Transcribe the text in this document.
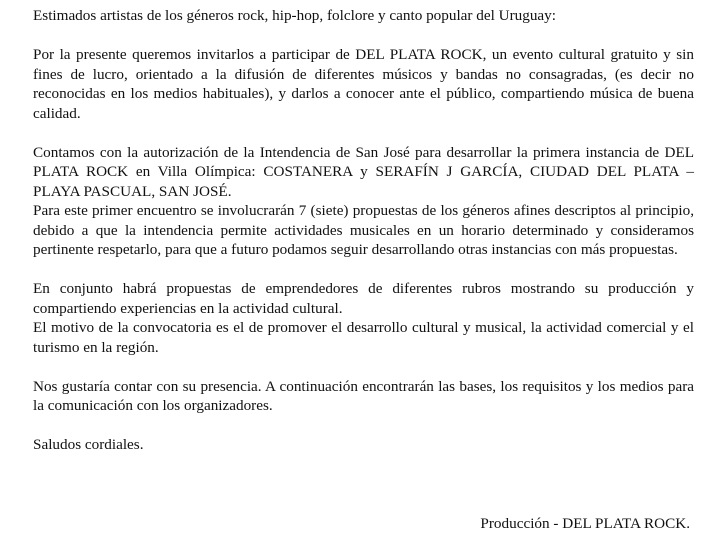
Estimados artistas de los géneros rock, hip-hop, folclore y canto popular del Uruguay:

Por la presente queremos invitarlos a participar de DEL PLATA ROCK, un evento cultural gratuito y sin fines de lucro, orientado a la difusión de diferentes músicos y bandas no consagradas, (es decir no reconocidas en los medios habituales), y darlos a conocer ante el público, compartiendo música de buena calidad.

Contamos con la autorización de la Intendencia de San José para desarrollar la primera instancia de DEL PLATA ROCK en Villa Olímpica: COSTANERA y SERAFÍN J GARCÍA, CIUDAD DEL PLATA – PLAYA PASCUAL, SAN JOSÉ.

Para este primer encuentro se involucrarán 7 (siete) propuestas de los géneros afines descriptos al principio, debido a que la intendencia permite actividades musicales en un horario determinado y consideramos pertinente respetarlo, para que a futuro podamos seguir desarrollando otras instancias con más propuestas.

En conjunto habrá propuestas de emprendedores de diferentes rubros mostrando su producción y compartiendo experiencias en la actividad cultural.

El motivo de la convocatoria es el de promover el desarrollo cultural y musical, la actividad comercial y el turismo en la región.

Nos gustaría contar con su presencia. A continuación encontrarán las bases, los requisitos y los medios para la comunicación con los organizadores.

Saludos cordiales.

Producción - DEL PLATA ROCK.
